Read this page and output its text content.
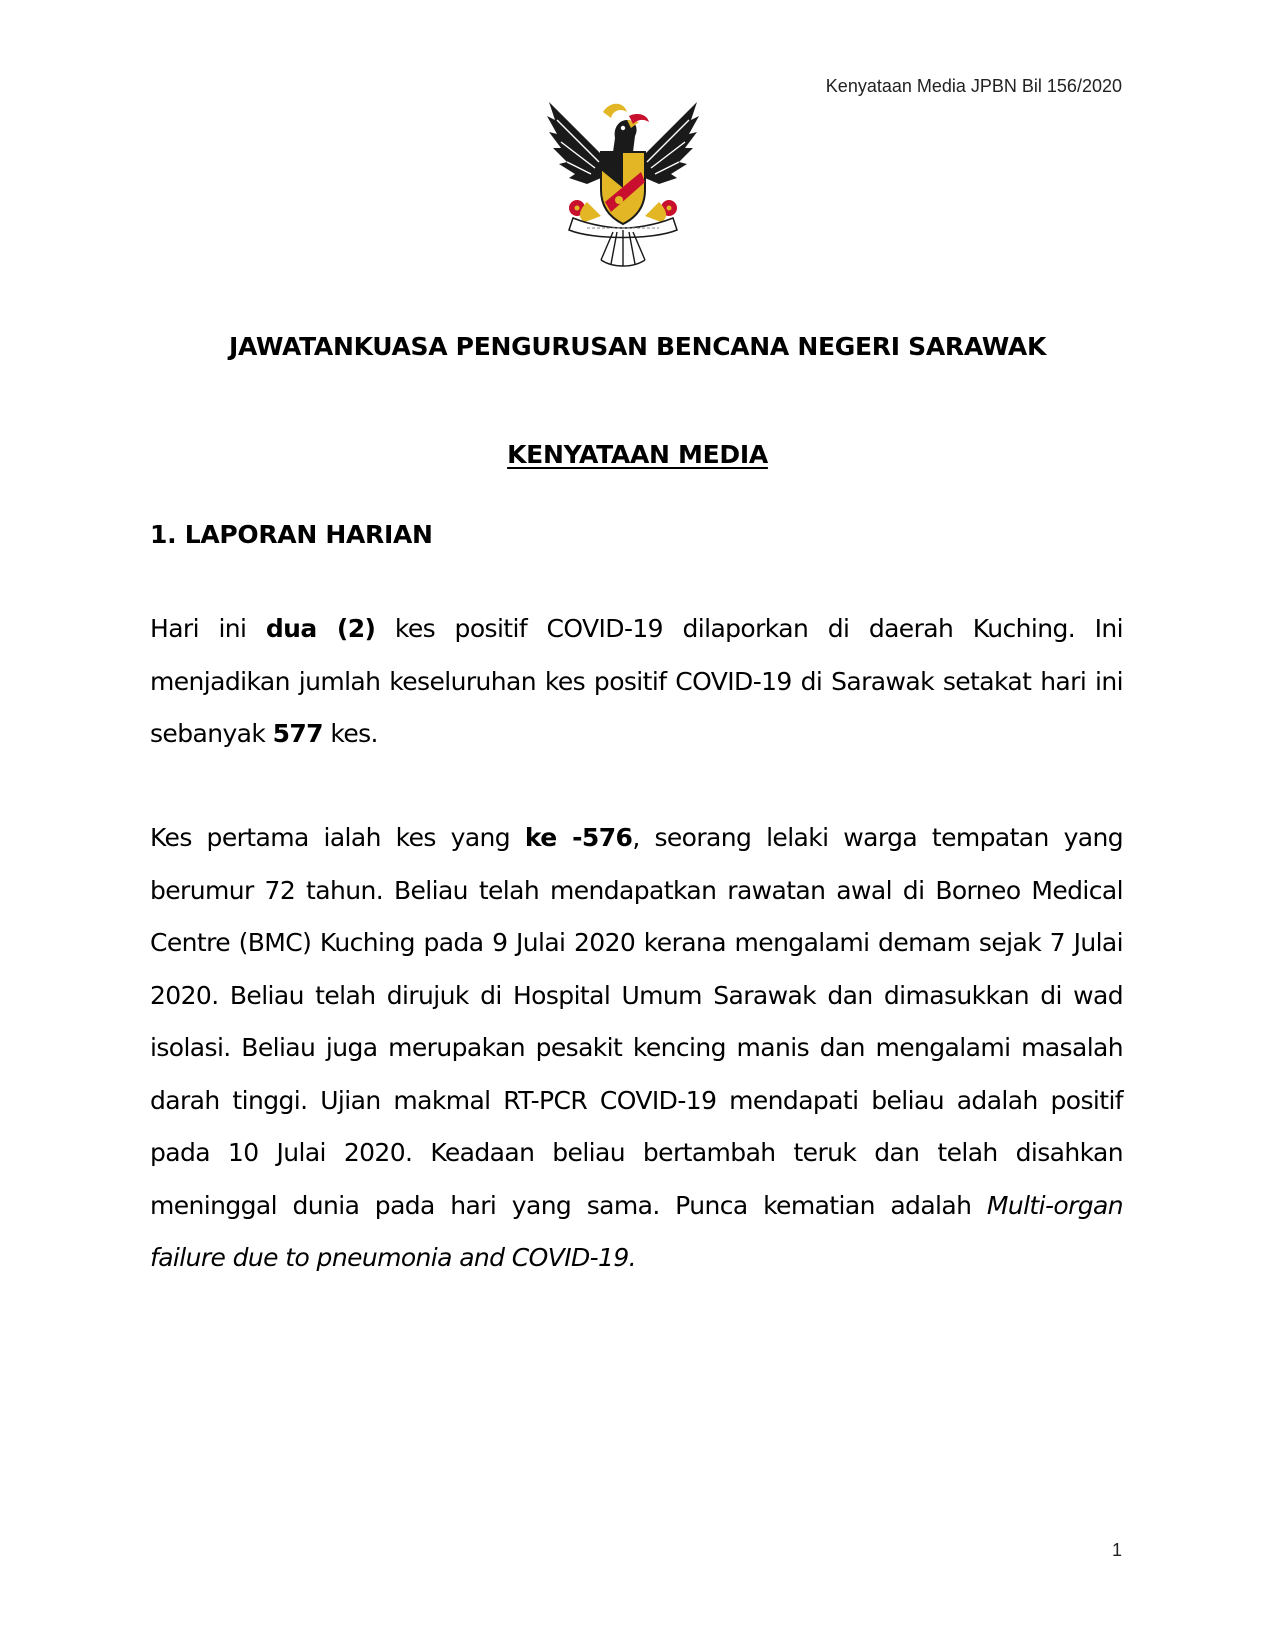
Kenyataan Media JPBN Bil 156/2020
JAWATANKUASA PENGURUSAN BENCANA NEGERI SARAWAK
KENYATAAN MEDIA
1. LAPORAN HARIAN

Hari ini dua (2) kes positif COVID-19 dilaporkan di daerah Kuching. Ini menjadikan jumlah keseluruhan kes positif COVID-19 di Sarawak setakat hari ini sebanyak 577 kes.

Kes pertama ialah kes yang ke -576, seorang lelaki warga tempatan yang berumur 72 tahun. Beliau telah mendapatkan rawatan awal di Borneo Medical Centre (BMC) Kuching pada 9 Julai 2020 kerana mengalami demam sejak 7 Julai 2020. Beliau telah dirujuk di Hospital Umum Sarawak dan dimasukkan di wad isolasi. Beliau juga merupakan pesakit kencing manis dan mengalami masalah darah tinggi. Ujian makmal RT-PCR COVID-19 mendapati beliau adalah positif pada 10 Julai 2020. Keadaan beliau bertambah teruk dan telah disahkan meninggal dunia pada hari yang sama. Punca kematian adalah Multi-organ failure due to pneumonia and COVID-19.

1
